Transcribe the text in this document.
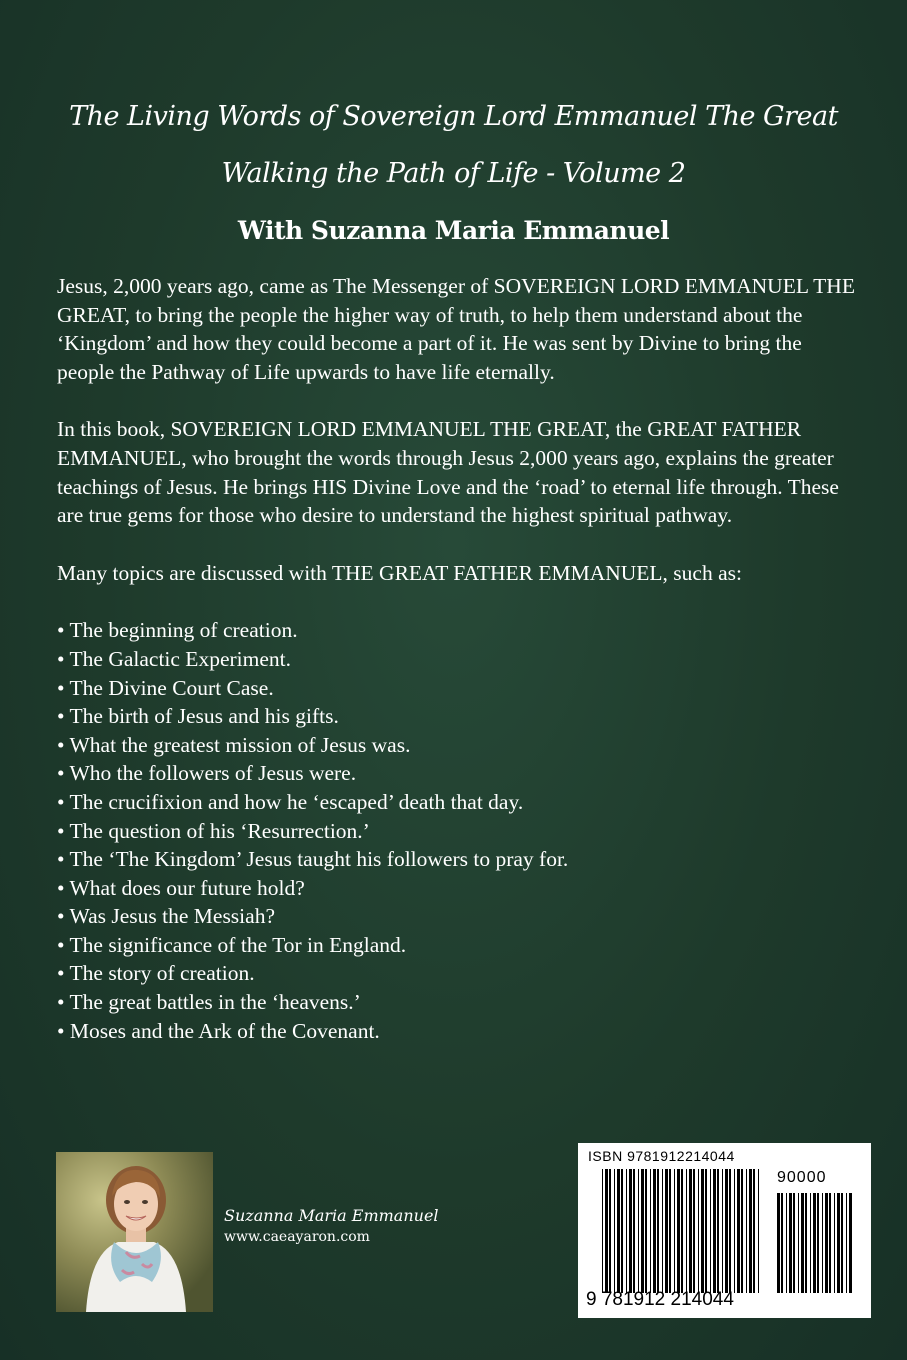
The Living Words of Sovereign Lord Emmanuel The Great
Walking the Path of Life - Volume 2
With Suzanna Maria Emmanuel

Jesus, 2,000 years ago, came as The Messenger of SOVEREIGN LORD EMMANUEL THE GREAT, to bring the people the higher way of truth, to help them understand about the ‘Kingdom’ and how they could become a part of it. He was sent by Divine to bring the people the Pathway of Life upwards to have life eternally.

In this book, SOVEREIGN LORD EMMANUEL THE GREAT, the GREAT FATHER EMMANUEL, who brought the words through Jesus 2,000 years ago, explains the greater teachings of Jesus. He brings HIS Divine Love and the ‘road’ to eternal life through. These are true gems for those who desire to understand the highest spiritual pathway.

Many topics are discussed with THE GREAT FATHER EMMANUEL, such as:

• The beginning of creation.
• The Galactic Experiment.
• The Divine Court Case.
• The birth of Jesus and his gifts.
• What the greatest mission of Jesus was.
• Who the followers of Jesus were.
• The crucifixion and how he ‘escaped’ death that day.
• The question of his ‘Resurrection.’
• The ‘The Kingdom’ Jesus taught his followers to pray for.
• What does our future hold?
• Was Jesus the Messiah?
• The significance of the Tor in England.
• The story of creation.
• The great battles in the ‘heavens.’
• Moses and the Ark of the Covenant.
Suzanna Maria Emmanuel
www.caeayaron.com
ISBN 9781912214044
90000
9 781912 214044
